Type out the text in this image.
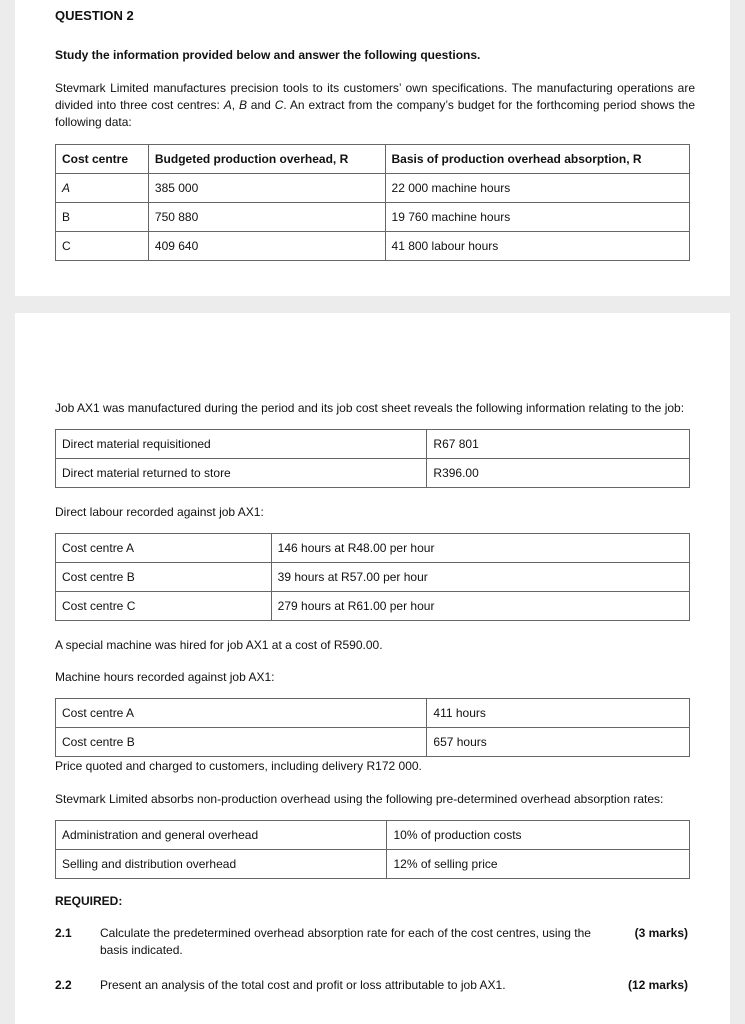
QUESTION 2
Study the information provided below and answer the following questions.
Stevmark Limited manufactures precision tools to its customers’ own specifications. The manufacturing operations are divided into three cost centres: A, B and C. An extract from the company’s budget for the forthcoming period shows the following data:
Cost centre	Budgeted production overhead, R	Basis of production overhead absorption, R
A	385 000	22 000 machine hours
B	750 880	19 760 machine hours
C	409 640	41 800 labour hours
Job AX1 was manufactured during the period and its job cost sheet reveals the following information relating to the job:
Direct material requisitioned	R67 801
Direct material returned to store	R396.00
Direct labour recorded against job AX1:
Cost centre A	146 hours at R48.00 per hour
Cost centre B	39 hours at R57.00 per hour
Cost centre C	279 hours at R61.00 per hour
A special machine was hired for job AX1 at a cost of R590.00.
Machine hours recorded against job AX1:
Cost centre A	411 hours
Cost centre B	657 hours
Price quoted and charged to customers, including delivery R172 000.
Stevmark Limited absorbs non-production overhead using the following pre-determined overhead absorption rates:
Administration and general overhead	10% of production costs
Selling and distribution overhead	12% of selling price
REQUIRED:
2.1 Calculate the predetermined overhead absorption rate for each of the cost centres, using the basis indicated.
(3 marks)
2.2 Present an analysis of the total cost and profit or loss attributable to job AX1.	(12 marks)
